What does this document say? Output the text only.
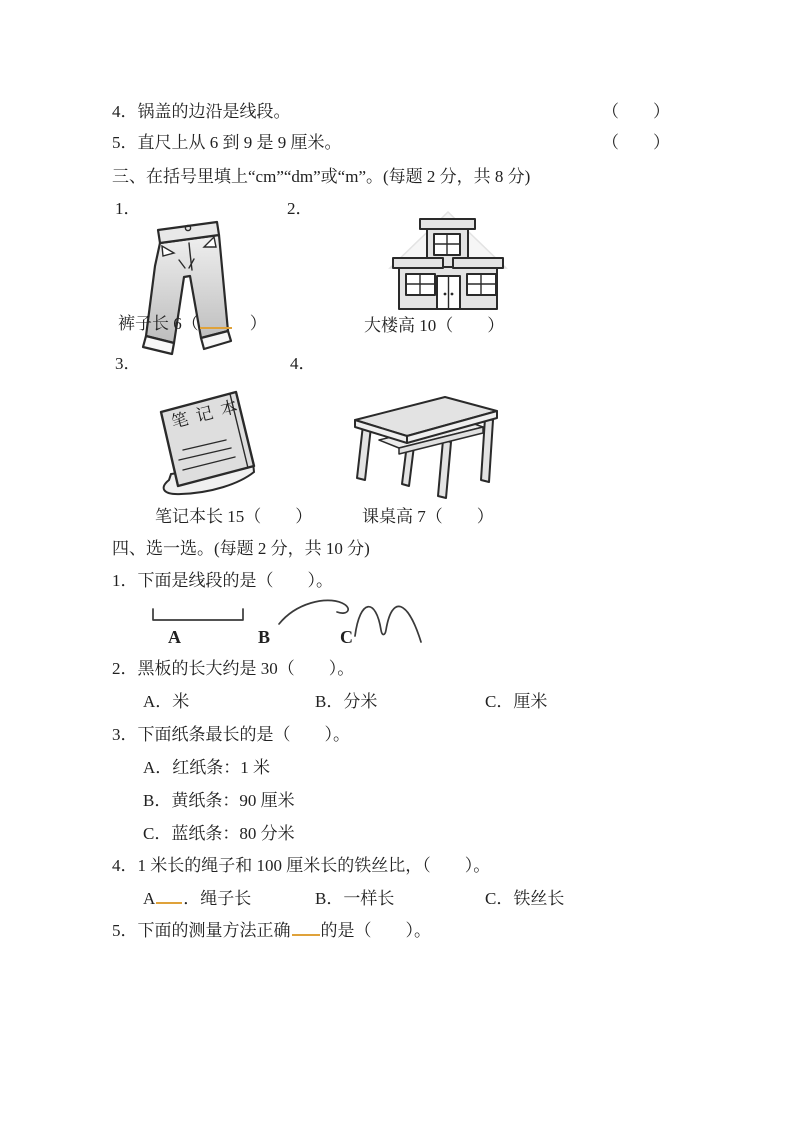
4．锅盖的边沿是线段。	（　　）
5．直尺上从 6 到 9 是 9 厘米。	（　　）
三、在括号里填上“cm”“dm”或“m”。(每题 2 分，共 8 分)
1．	2．
裤子长 6（　）	大楼高 10（　　）
3．	4．
笔 记 本
笔记本长 15（　　）	课桌高 7（　　）
四、选一选。(每题 2 分，共 10 分)
1．下面是线段的是（　　）。
A	B	C
2．黑板的长大约是 30（　　）。
A．米	B．分米	C．厘米
3．下面纸条最长的是（　　）。
A．红纸条：1 米
B．黄纸条：90 厘米
C．蓝纸条：80 分米
4．1 米长的绳子和 100 厘米长的铁丝比，（　　）。
A ．绳子长	B．一样长	C．铁丝长
5．下面的测量方法正确 的是（　　）。
